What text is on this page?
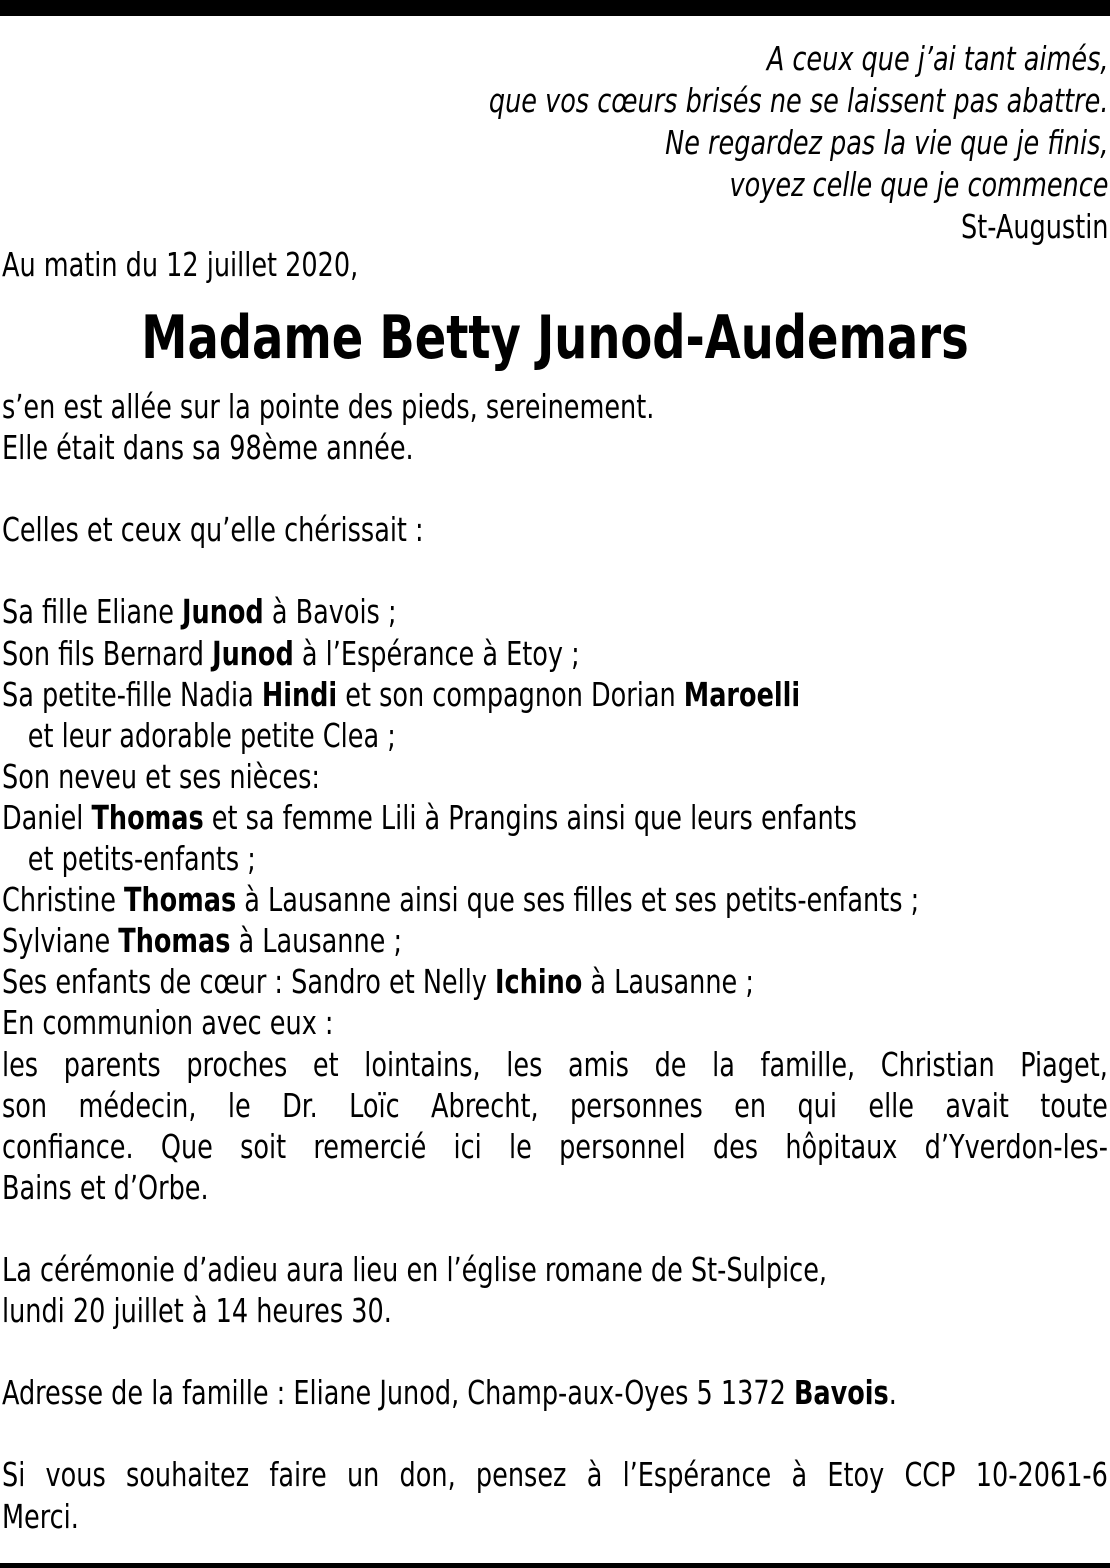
A ceux que j’ai tant aimés,
que vos cœurs brisés ne se laissent pas abattre.
Ne regardez pas la vie que je finis,
voyez celle que je commence
St-Augustin
Au matin du 12 juillet 2020,
Madame Betty Junod-Audemars
s’en est allée sur la pointe des pieds, sereinement.
Elle était dans sa 98ème année.
Celles et ceux qu’elle chérissait :
Sa fille Eliane Junod à Bavois ;
Son fils Bernard Junod à l’Espérance à Etoy ;
Sa petite-fille Nadia Hindi et son compagnon Dorian Maroelli
et leur adorable petite Clea ;
Son neveu et ses nièces:
Daniel Thomas et sa femme Lili à Prangins ainsi que leurs enfants
et petits-enfants ;
Christine Thomas à Lausanne ainsi que ses filles et ses petits-enfants ;
Sylviane Thomas à Lausanne ;
Ses enfants de cœur : Sandro et Nelly Ichino à Lausanne ;
En communion avec eux :
les parents proches et lointains, les amis de la famille, Christian Piaget,
son médecin, le Dr. Loïc Abrecht, personnes en qui elle avait toute
confiance. Que soit remercié ici le personnel des hôpitaux d’Yverdon-les-
Bains et d’Orbe.
La cérémonie d’adieu aura lieu en l’église romane de St-Sulpice,
lundi 20 juillet à 14 heures 30.
Adresse de la famille : Eliane Junod, Champ-aux-Oyes 5 1372 Bavois.
Si vous souhaitez faire un don, pensez à l’Espérance à Etoy CCP 10-2061-6
Merci.
